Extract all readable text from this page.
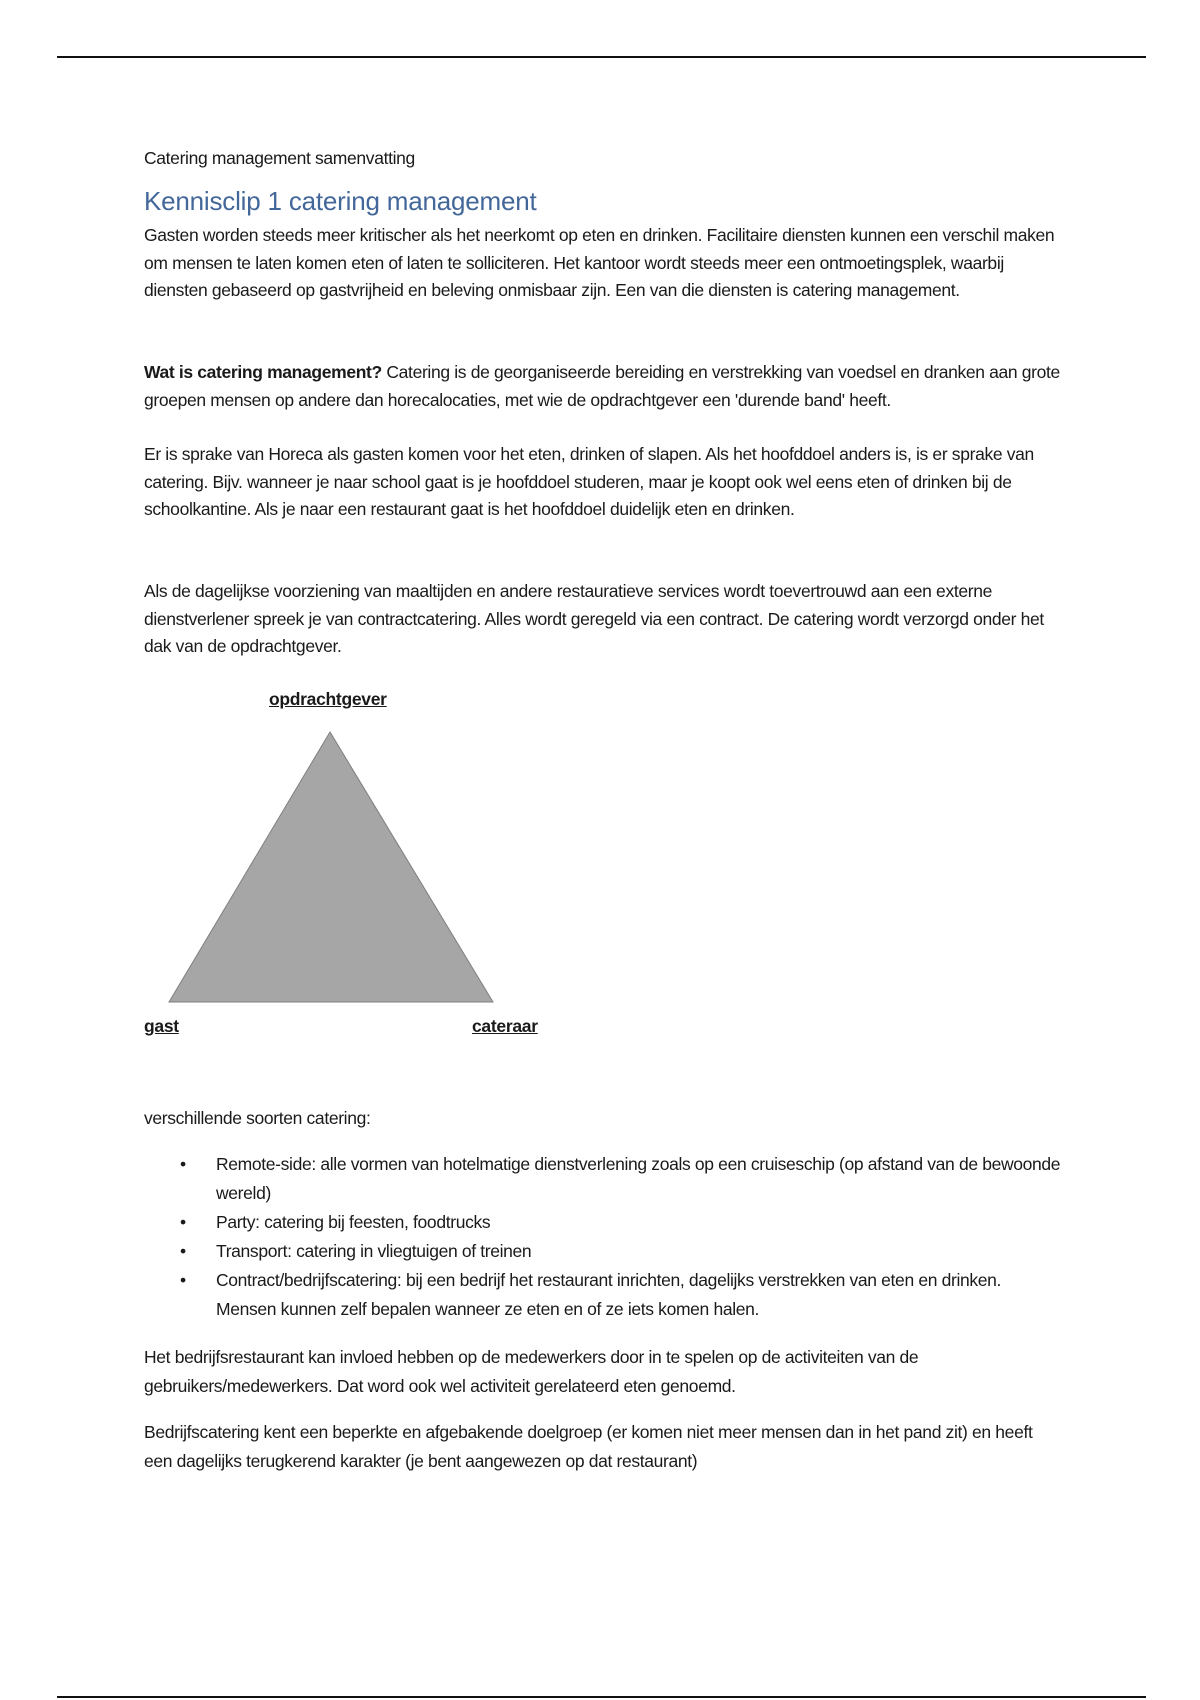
Catering management samenvatting

Kennisclip 1 catering management

Gasten worden steeds meer kritischer als het neerkomt op eten en drinken. Facilitaire diensten kunnen een verschil maken om mensen te laten komen eten of laten te solliciteren. Het kantoor wordt steeds meer een ontmoetingsplek, waarbij diensten gebaseerd op gastvrijheid en beleving onmisbaar zijn. Een van die diensten is catering management.

Wat is catering management? Catering is de georganiseerde bereiding en verstrekking van voedsel en dranken aan grote groepen mensen op andere dan horecalocaties, met wie de opdrachtgever een 'durende band' heeft.

Er is sprake van Horeca als gasten komen voor het eten, drinken of slapen. Als het hoofddoel anders is, is er sprake van catering. Bijv. wanneer je naar school gaat is je hoofddoel studeren, maar je koopt ook wel eens eten of drinken bij de schoolkantine. Als je naar een restaurant gaat is het hoofddoel duidelijk eten en drinken.

Als de dagelijkse voorziening van maaltijden en andere restauratieve services wordt toevertrouwd aan een externe dienstverlener spreek je van contractcatering. Alles wordt geregeld via een contract. De catering wordt verzorgd onder het dak van de opdrachtgever.

opdrachtgever
gast	cateraar

verschillende soorten catering:

• Remote-side: alle vormen van hotelmatige dienstverlening zoals op een cruiseschip (op afstand van de bewoonde wereld)
• Party: catering bij feesten, foodtrucks
• Transport: catering in vliegtuigen of treinen
• Contract/bedrijfscatering: bij een bedrijf het restaurant inrichten, dagelijks verstrekken van eten en drinken. Mensen kunnen zelf bepalen wanneer ze eten en of ze iets komen halen.

Het bedrijfsrestaurant kan invloed hebben op de medewerkers door in te spelen op de activiteiten van de gebruikers/medewerkers. Dat word ook wel activiteit gerelateerd eten genoemd.

Bedrijfscatering kent een beperkte en afgebakende doelgroep (er komen niet meer mensen dan in het pand zit) en heeft een dagelijks terugkerend karakter (je bent aangewezen op dat restaurant)
